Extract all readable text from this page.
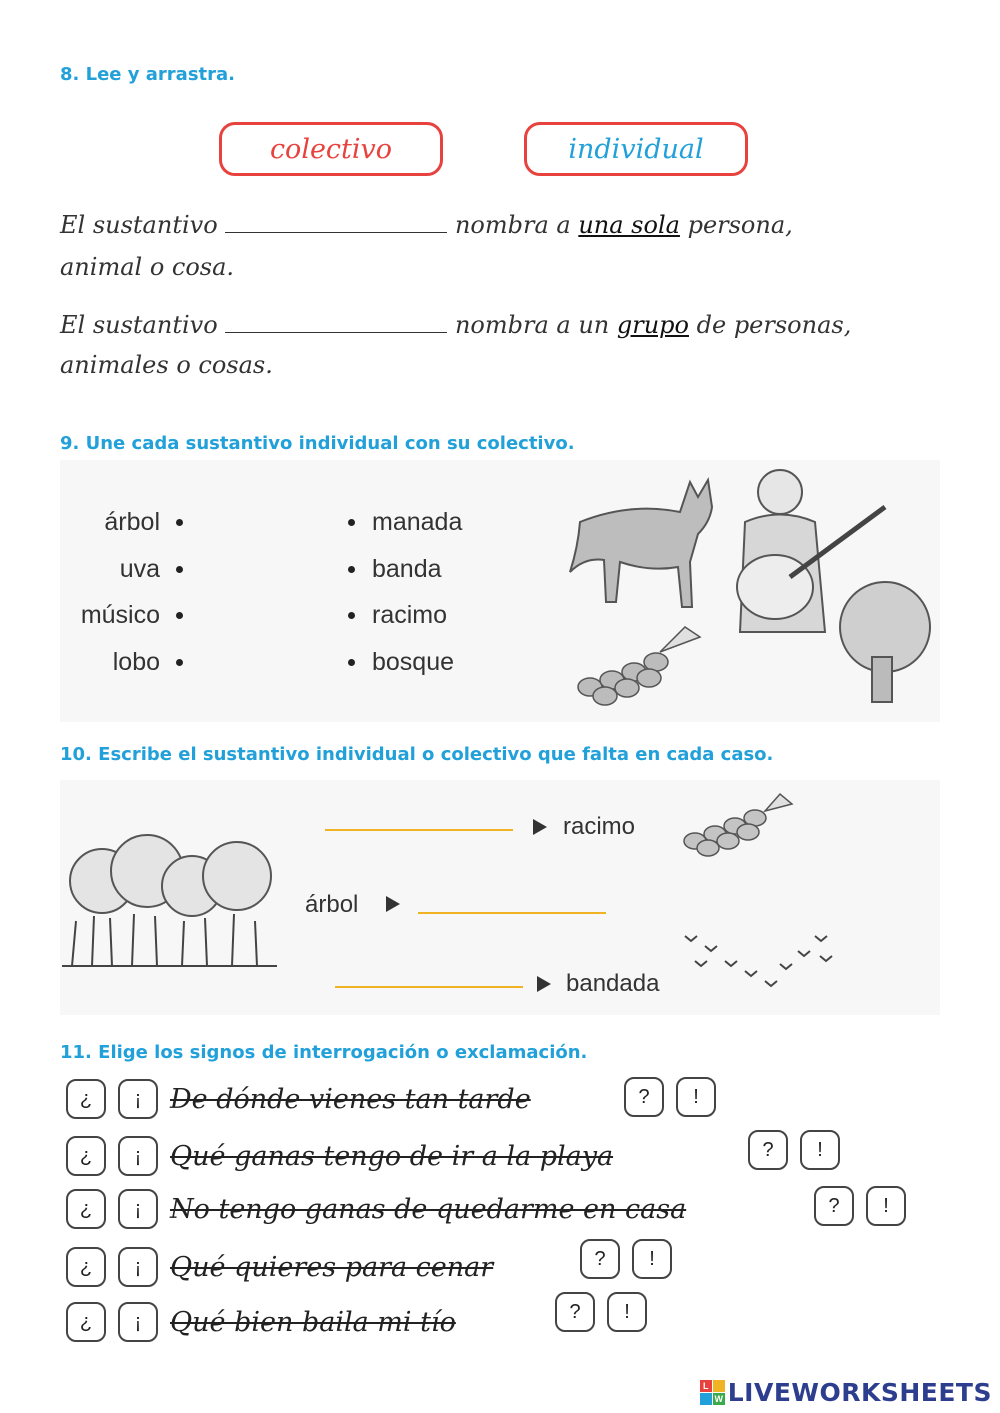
8. Lee y arrastra.
colectivo	individual
El sustantivo	nombra a una sola persona,
animal o cosa.
El sustantivo	nombra a un grupo de personas,
animales o cosas.
9. Une cada sustantivo individual con su colectivo.
árbol
uva
músico
lobo
manada
banda
racimo
bosque
10. Escribe el sustantivo individual o colectivo que falta en cada caso.
racimo
árbol
bandada
11. Elige los signos de interrogación o exclamación.
¿	¡	De dónde vienes tan tarde	?	!
¿	¡	Qué ganas tengo de ir a la playa	?	!
¿	¡	No tengo ganas de quedarme en casa	?	!
¿	¡	Qué quieres para cenar	?	!
¿	¡	Qué bien baila mi tío	?	!
L
W LIVEWORKSHEETS
